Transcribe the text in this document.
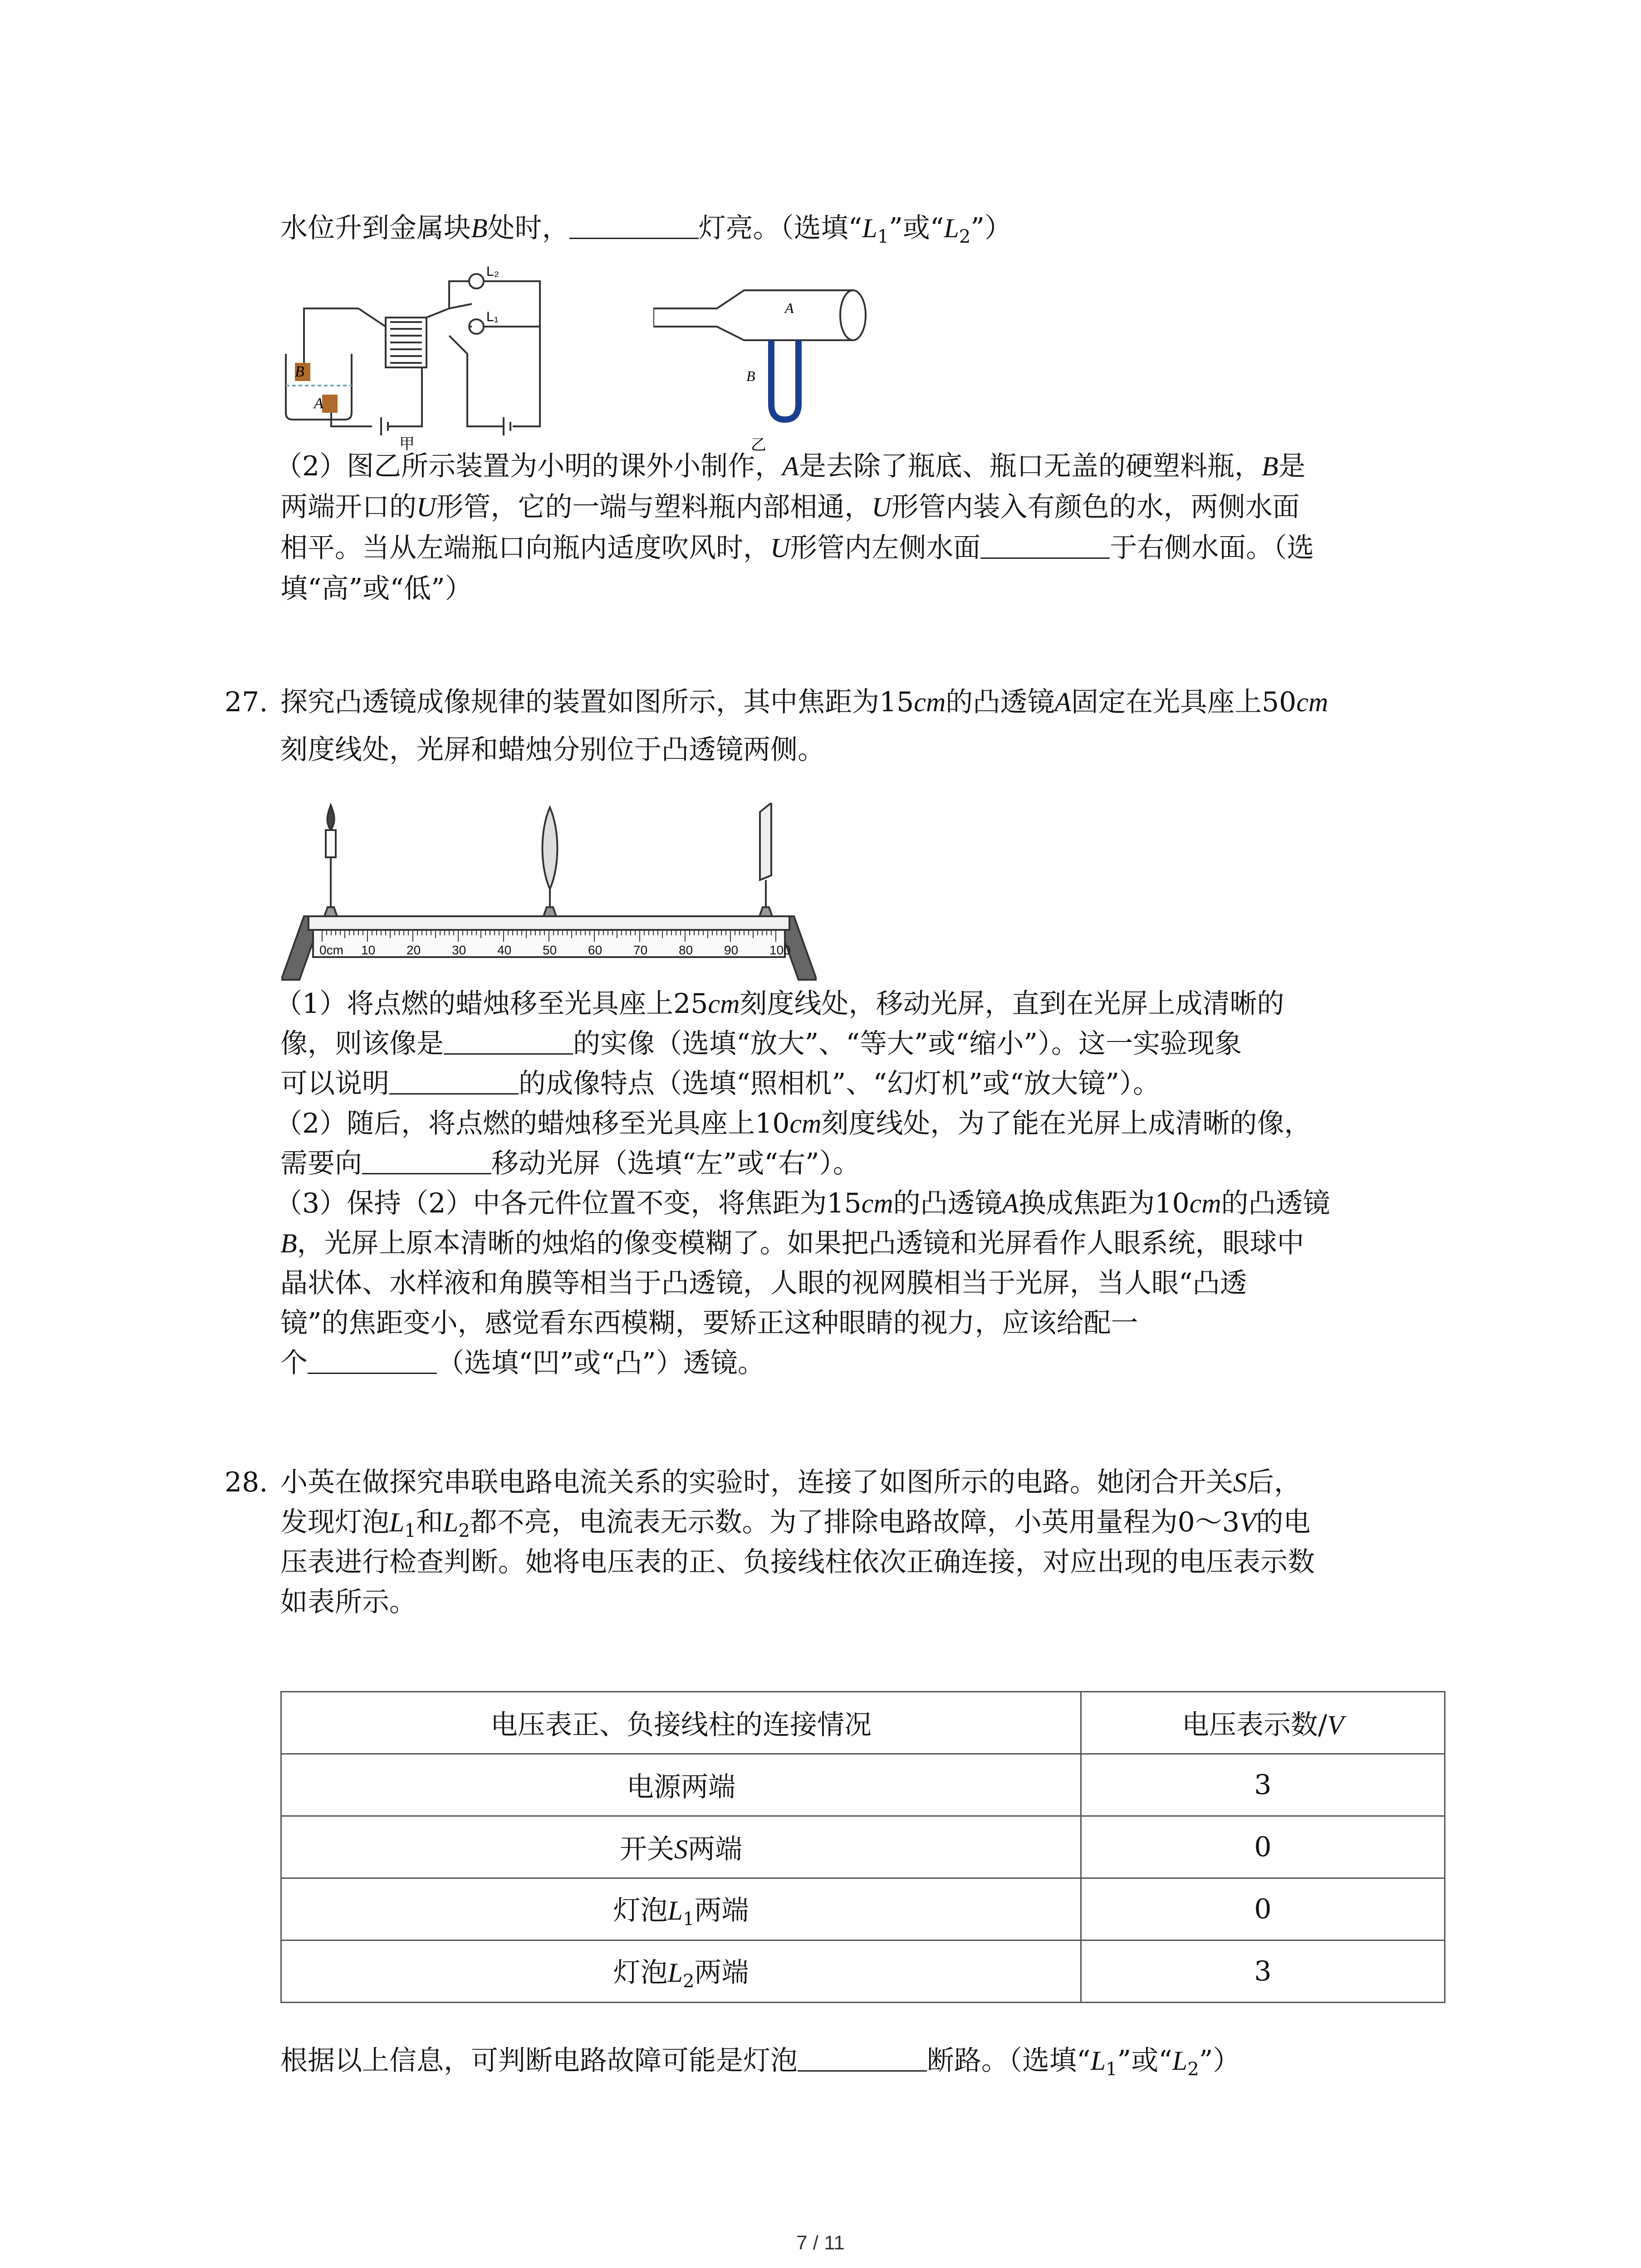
水位升到金属块B处时，	灯亮。（选填“$L_1$”或“$L_2$”）
B
A
L₂
L₁
甲
A
B
乙
（2）图乙所示装置为小明的课外小制作，A是去除了瓶底、瓶口无盖的硬塑料瓶，B是
两端开口的U形管，它的一端与塑料瓶内部相通，U形管内装入有颜色的水，两侧水面
相平。当从左端瓶口向瓶内适度吹风时，U形管内左侧水面	于右侧水面。（选
填“高”或“低”）
27. 探究凸透镜成像规律的装置如图所示，其中焦距为15cm的凸透镜A固定在光具座上50cm
刻度线处，光屏和蜡烛分别位于凸透镜两侧。
0cm 10 20 30 40 50 60 70 80 90 100
（1）将点燃的蜡烛移至光具座上25cm刻度线处，移动光屏，直到在光屏上成清晰的
像，则该像是	的实像（选填“放大”、“等大”或“缩小”）。这一实验现象
可以说明	的成像特点（选填“照相机”、“幻灯机”或“放大镜”）。
（2）随后，将点燃的蜡烛移至光具座上10cm刻度线处，为了能在光屏上成清晰的像，
需要向	移动光屏（选填“左”或“右”）。
（3）保持（2）中各元件位置不变，将焦距为15cm的凸透镜A换成焦距为10cm的凸透镜
B，光屏上原本清晰的烛焰的像变模糊了。如果把凸透镜和光屏看作人眼系统，眼球中
晶状体、水样液和角膜等相当于凸透镜，人眼的视网膜相当于光屏，当人眼“凸透
镜”的焦距变小，感觉看东西模糊，要矫正这种眼睛的视力，应该给配一
个	（选填“凹”或“凸”）透镜。
28. 小英在做探究串联电路电流关系的实验时，连接了如图所示的电路。她闭合开关S后，
发现灯泡$L_1$和$L_2$都不亮，电流表无示数。为了排除电路故障，小英用量程为0～3V的电
压表进行检查判断。她将电压表的正、负接线柱依次正确连接，对应出现的电压表示数
如表所示。
电压表正、负接线柱的连接情况	电压表示数/V
电源两端	3
开关S两端	0
灯泡$L_1$两端	0
灯泡$L_2$两端	3
根据以上信息，可判断电路故障可能是灯泡	断路。（选填“$L_1$”或“$L_2$”）
7 / 11
